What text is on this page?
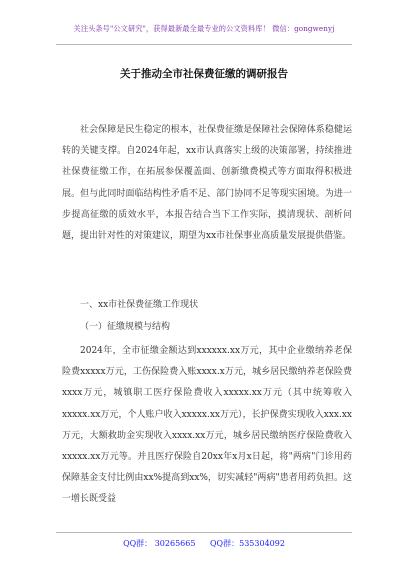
关注头条号"公文研究"，获得最新最全最专业的公文资料库！ 微信：gongwenyj
关于推动全市社保费征缴的调研报告

社会保障是民生稳定的根本，社保费征缴是保障社会保障体系稳健运转的关键支撑。自2024年起，xx市认真落实上级的决策部署，持续推进社保费征缴工作，在拓展参保覆盖面、创新缴费模式等方面取得积极进展。但与此同时面临结构性矛盾不足、部门协同不足等现实困境。为进一步提高征缴的质效水平，本报告结合当下工作实际，摸清现状、剖析问题，提出针对性的对策建议，期望为xx市社保事业高质量发展提供借鉴。

一、xx市社保费征缴工作现状
（一）征缴规模与结构

2024年，全市征缴金额达到xxxxxx.xx万元，其中企业缴纳养老保险费xxxxx万元，工伤保险费入账xxxx.x万元，城乡居民缴纳养老保险费xxxx万元，城镇职工医疗保险费收入xxxxx.xx万元（其中统筹收入xxxxx.xx万元，个人账户收入xxxxx.xx万元），长护保费实现收入xxx.xx万元，大额救助金实现收入xxxx.xx万元，城乡居民缴纳医疗保险费收入xxxxx.xx万元等。并且医疗保险自20xx年x月x日起，将"两病"门诊用药保障基金支付比例由xx%提高到xx%，切实减轻"两病"患者用药负担。这一增长既受益

QQ群： 30265665 QQ群：535304092
